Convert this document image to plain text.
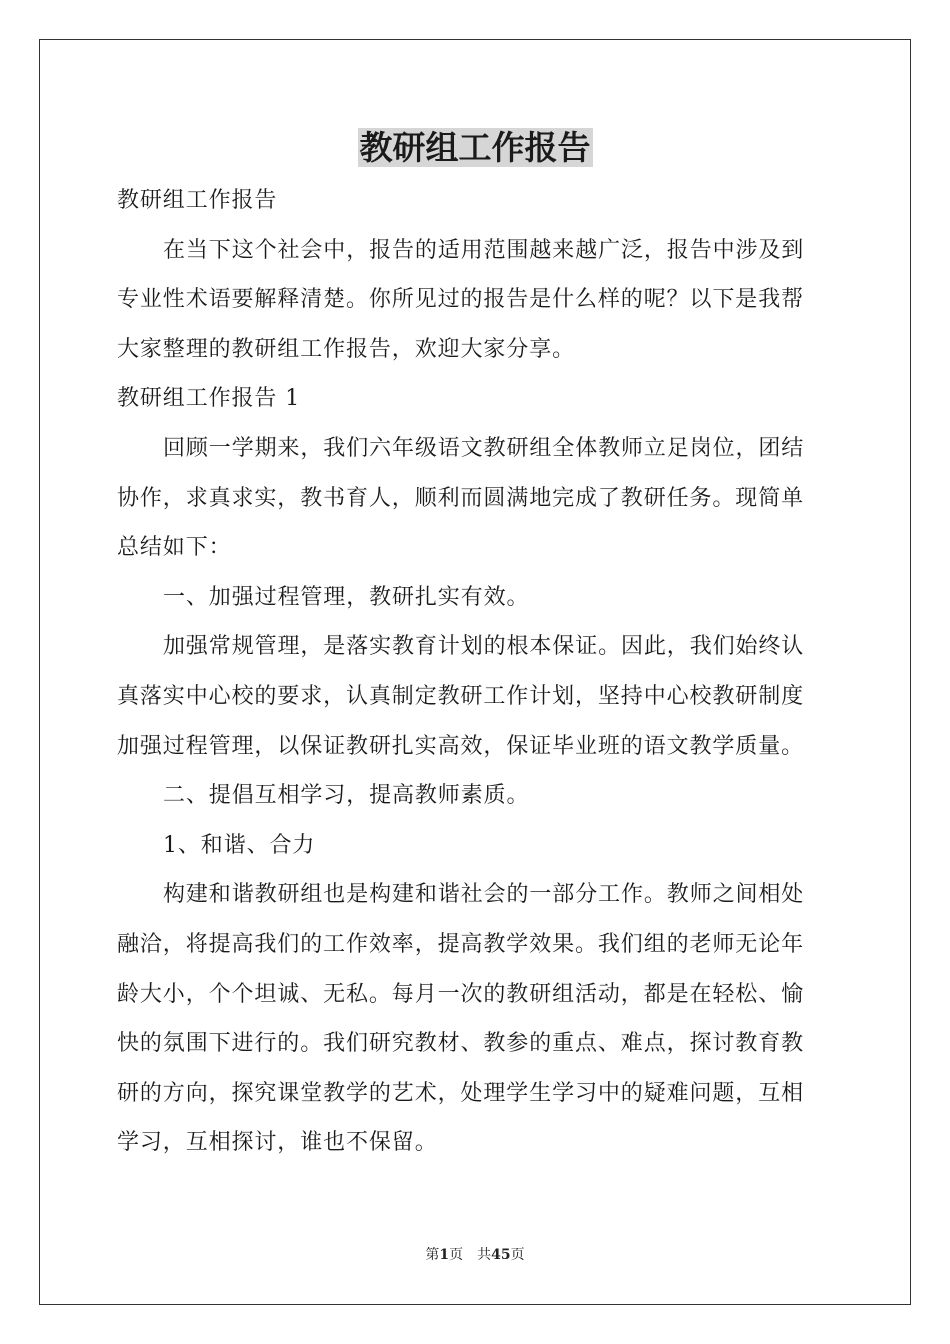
教研组工作报告

教研组工作报告

在当下这个社会中，报告的适用范围越来越广泛，报告中涉及到

专业性术语要解释清楚。你所见过的报告是什么样的呢？以下是我帮

大家整理的教研组工作报告，欢迎大家分享。

教研组工作报告 1

回顾一学期来，我们六年级语文教研组全体教师立足岗位，团结

协作，求真求实，教书育人，顺利而圆满地完成了教研任务。现简单

总结如下：

一、加强过程管理，教研扎实有效。

加强常规管理，是落实教育计划的根本保证。因此，我们始终认

真落实中心校的要求，认真制定教研工作计划，坚持中心校教研制度

加强过程管理，以保证教研扎实高效，保证毕业班的语文教学质量。

二、提倡互相学习，提高教师素质。

1、和谐、合力

构建和谐教研组也是构建和谐社会的一部分工作。教师之间相处

融洽，将提高我们的工作效率，提高教学效果。我们组的老师无论年

龄大小，个个坦诚、无私。每月一次的教研组活动，都是在轻松、愉

快的氛围下进行的。我们研究教材、教参的重点、难点，探讨教育教

研的方向，探究课堂教学的艺术，处理学生学习中的疑难问题，互相

学习，互相探讨，谁也不保留。

第1页 共45页
